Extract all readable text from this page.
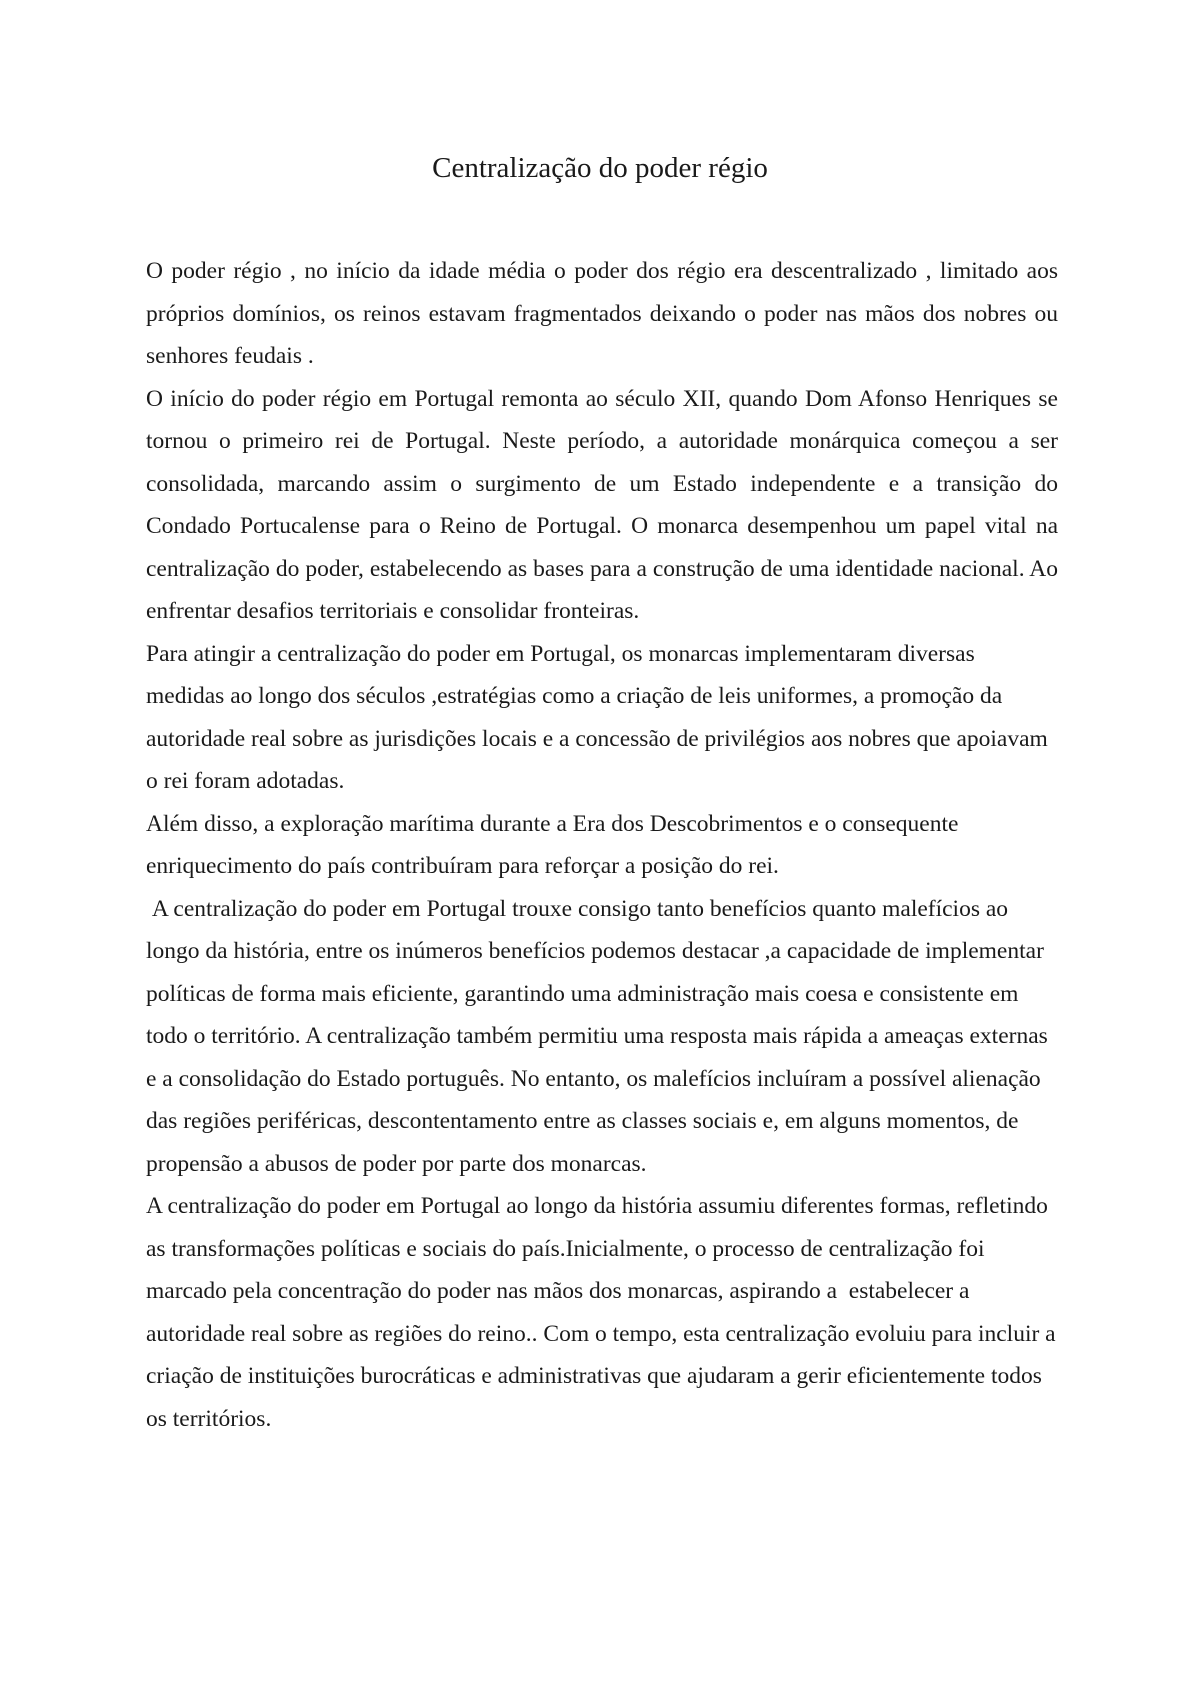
Centralização do poder régio

O poder régio , no início da idade média o poder dos régio era descentralizado , limitado aos próprios domínios, os reinos estavam fragmentados deixando o poder nas mãos dos nobres ou senhores feudais .

O início do poder régio em Portugal remonta ao século XII, quando Dom Afonso Henriques se tornou o primeiro rei de Portugal. Neste período, a autoridade monárquica começou a ser consolidada, marcando assim o surgimento de um Estado independente e a transição do Condado Portucalense para o Reino de Portugal. O monarca desempenhou um papel vital na centralização do poder, estabelecendo as bases para a construção de uma identidade nacional. Ao enfrentar desafios territoriais e consolidar fronteiras.

Para atingir a centralização do poder em Portugal, os monarcas implementaram diversas medidas ao longo dos séculos ,estratégias como a criação de leis uniformes, a promoção da autoridade real sobre as jurisdições locais e a concessão de privilégios aos nobres que apoiavam o rei foram adotadas.

Além disso, a exploração marítima durante a Era dos Descobrimentos e o consequente enriquecimento do país contribuíram para reforçar a posição do rei.

A centralização do poder em Portugal trouxe consigo tanto benefícios quanto malefícios ao longo da história, entre os inúmeros benefícios podemos destacar ,a capacidade de implementar políticas de forma mais eficiente, garantindo uma administração mais coesa e consistente em todo o território. A centralização também permitiu uma resposta mais rápida a ameaças externas e a consolidação do Estado português. No entanto, os malefícios incluíram a possível alienação das regiões periféricas, descontentamento entre as classes sociais e, em alguns momentos, de propensão a abusos de poder por parte dos monarcas.

A centralização do poder em Portugal ao longo da história assumiu diferentes formas, refletindo as transformações políticas e sociais do país.Inicialmente, o processo de centralização foi marcado pela concentração do poder nas mãos dos monarcas, aspirando a  estabelecer a autoridade real sobre as regiões do reino.. Com o tempo, esta centralização evoluiu para incluir a criação de instituições burocráticas e administrativas que ajudaram a gerir eficientemente todos os territórios.
